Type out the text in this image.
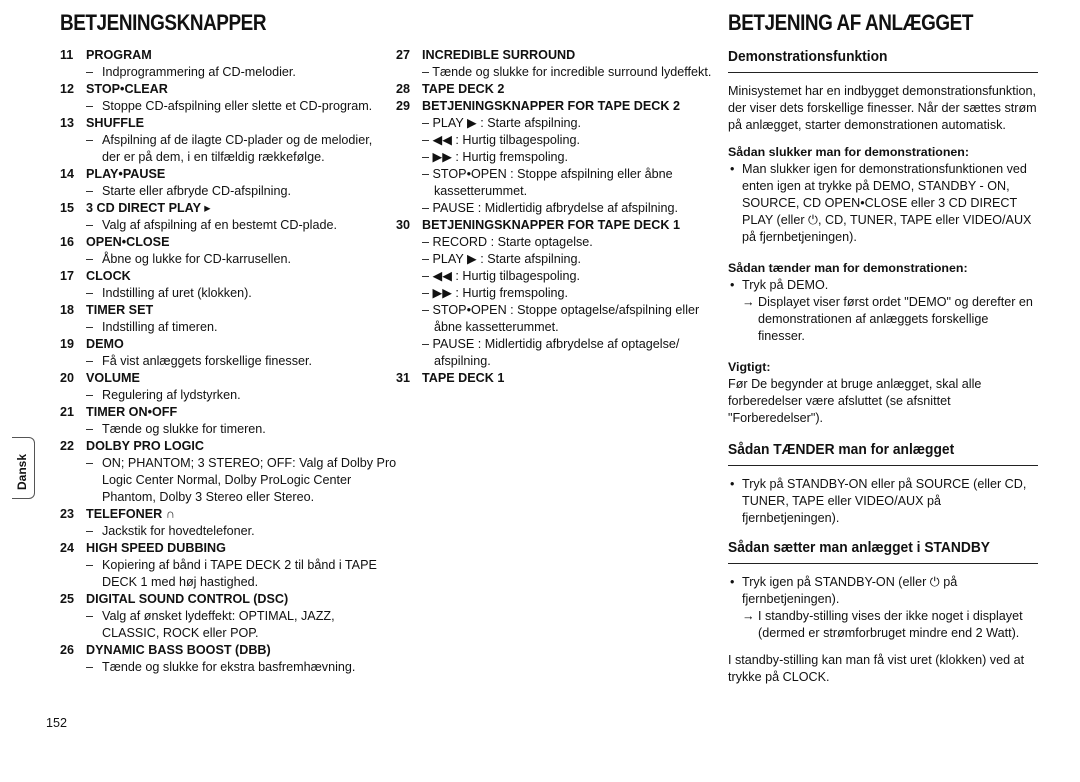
BETJENINGSKNAPPER
11	PROGRAM
– Indprogrammering af CD-melodier.
12 STOP•CLEAR
– Stoppe CD-afspilning eller slette et CD-program.
13 SHUFFLE
– Afspilning af de ilagte CD-plader og de melodier,
der er på dem, i en tilfældig rækkefølge.
14 PLAY•PAUSE
– Starte eller afbryde CD-afspilning.
15 3 CD DIRECT PLAY ▸
– Valg af afspilning af en bestemt CD-plade.
16 OPEN•CLOSE
– Åbne og lukke for CD-karrusellen.
17 CLOCK
– Indstilling af uret (klokken).
18 TIMER SET
– Indstilling af timeren.
19 DEMO
– Få vist anlæggets forskellige finesser.
20 VOLUME
– Regulering af lydstyrken.
21 TIMER ON•OFF
– Tænde og slukke for timeren.
22 DOLBY PRO LOGIC
– ON; PHANTOM; 3 STEREO; OFF: Valg af Dolby Pro
Logic Center Normal, Dolby ProLogic Center
Phantom, Dolby 3 Stereo eller Stereo.
23 TELEFONER ∩
– Jackstik for hovedtelefoner.
24 HIGH SPEED DUBBING
– Kopiering af bånd i TAPE DECK 2 til bånd i TAPE
DECK 1 med høj hastighed.
25 DIGITAL SOUND CONTROL (DSC)
– Valg af ønsket lydeffekt: OPTIMAL, JAZZ,
CLASSIC, ROCK eller POP.
26 DYNAMIC BASS BOOST (DBB)
– Tænde og slukke for ekstra basfremhævning.
27 INCREDIBLE SURROUND
– Tænde og slukke for incredible surround lydeffekt.
28 TAPE DECK 2
29 BETJENINGSKNAPPER FOR TAPE DECK 2
– PLAY ▶ : Starte afspilning.
– ◀◀ : Hurtig tilbagespoling.
– ▶▶ : Hurtig fremspoling.
– STOP•OPEN : Stoppe afspilning eller åbne
kassetterummet.
– PAUSE : Midlertidig afbrydelse af afspilning.
30 BETJENINGSKNAPPER FOR TAPE DECK 1
– RECORD : Starte optagelse.
– PLAY ▶ : Starte afspilning.
– ◀◀ : Hurtig tilbagespoling.
– ▶▶ : Hurtig fremspoling.
– STOP•OPEN : Stoppe optagelse/afspilning eller
åbne kassetterummet.
– PAUSE : Midlertidig afbrydelse af optagelse/
afspilning.
31 TAPE DECK 1
BETJENING AF ANLÆGGET
Demonstrationsfunktion
Minisystemet har en indbygget demonstrationsfunktion, der viser dets forskellige finesser. Når der sættes strøm på anlægget, starter demonstrationen automatisk.
Sådan slukker man for demonstrationen:
• Man slukker igen for demonstrationsfunktionen ved enten igen at trykke på DEMO, STANDBY - ON, SOURCE, CD OPEN•CLOSE eller 3 CD DIRECT PLAY (eller ⏻, CD, TUNER, TAPE eller VIDEO/AUX på fjernbetjeningen).
Sådan tænder man for demonstrationen:
• Tryk på DEMO.
→ Displayet viser først ordet "DEMO" og derefter en demonstrationen af anlæggets forskellige finesser.
Vigtigt:
Før De begynder at bruge anlægget, skal alle forberedelser være afsluttet (se afsnittet "Forberedelser").
Sådan TÆNDER man for anlægget
• Tryk på STANDBY-ON eller på SOURCE (eller CD, TUNER, TAPE eller VIDEO/AUX på fjernbetjeningen).
Sådan sætter man anlægget i STANDBY
• Tryk igen på STANDBY-ON (eller ⏻ på fjernbetjeningen).
→ I standby-stilling vises der ikke noget i displayet (dermed er strømforbruget mindre end 2 Watt).
I standby-stilling kan man få vist uret (klokken) ved at trykke på CLOCK.
152
Dansk
